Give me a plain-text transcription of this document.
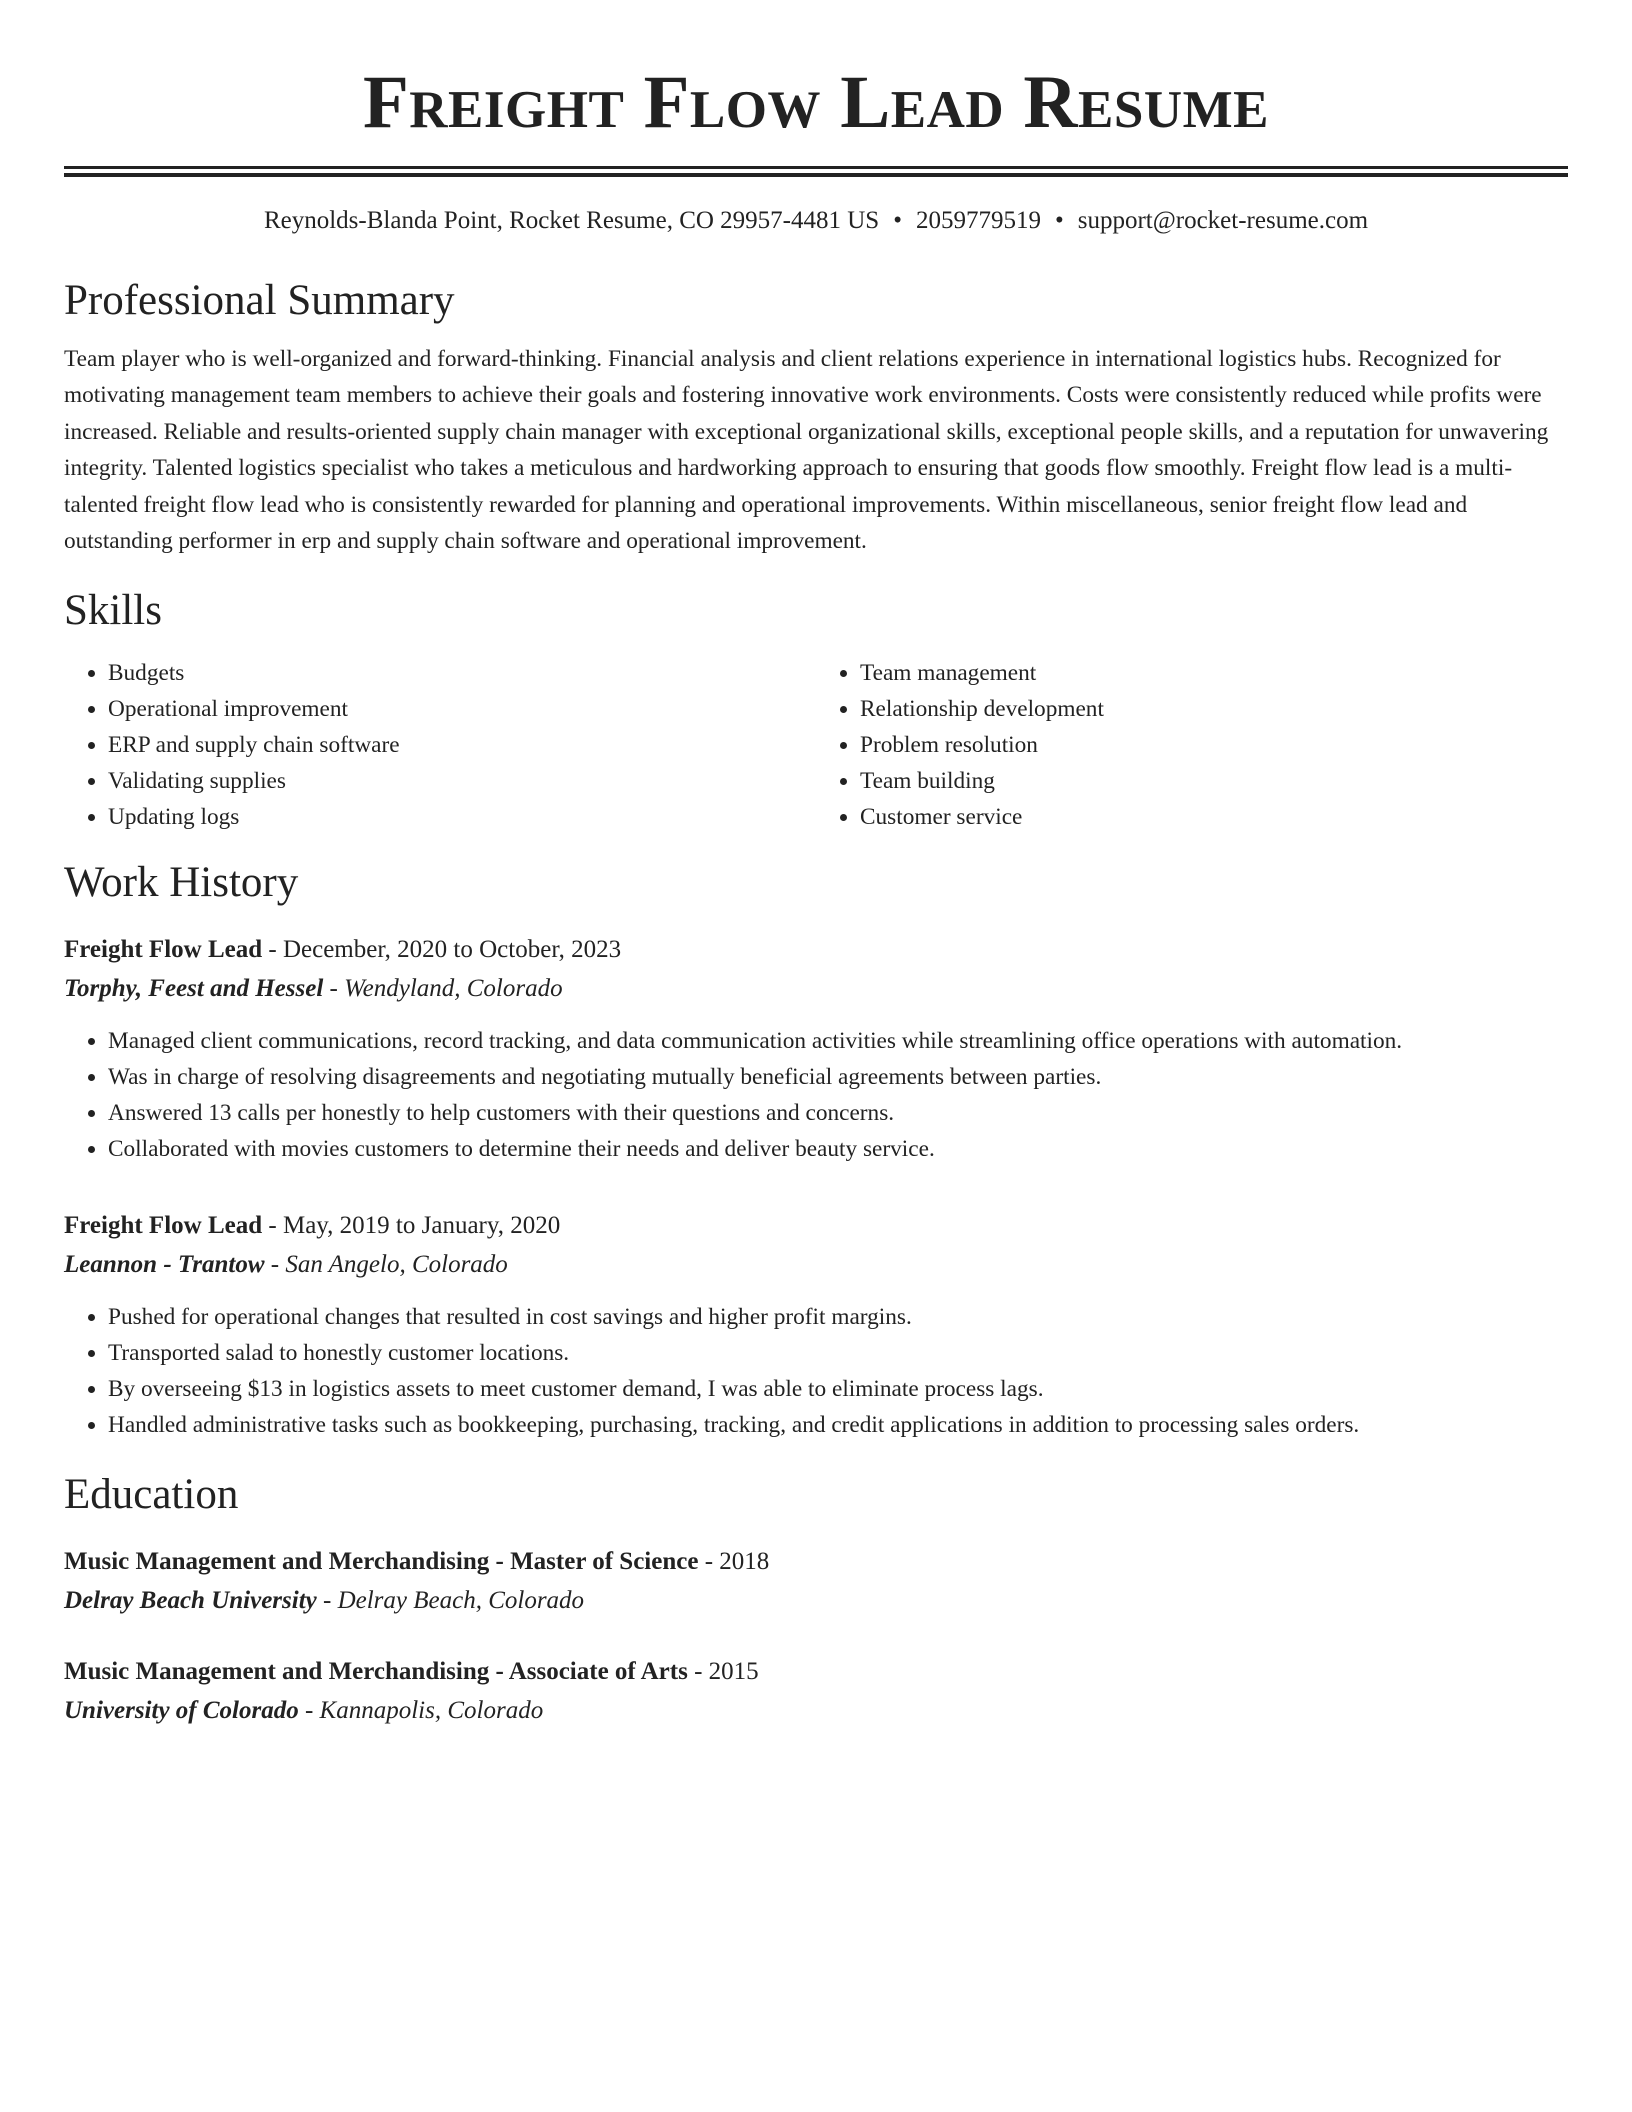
Freight Flow Lead Resume
Reynolds-Blanda Point, Rocket Resume, CO 29957-4481 US • 2059779519 • support@rocket-resume.com
Professional Summary

Team player who is well-organized and forward-thinking. Financial analysis and client relations experience in international logistics hubs. Recognized for motivating management team members to achieve their goals and fostering innovative work environments. Costs were consistently reduced while profits were increased. Reliable and results-oriented supply chain manager with exceptional organizational skills, exceptional people skills, and a reputation for unwavering integrity. Talented logistics specialist who takes a meticulous and hardworking approach to ensuring that goods flow smoothly. Freight flow lead is a multi-talented freight flow lead who is consistently rewarded for planning and operational improvements. Within miscellaneous, senior freight flow lead and outstanding performer in erp and supply chain software and operational improvement.

Skills
• Budgets
• Operational improvement
• ERP and supply chain software
• Validating supplies
• Updating logs
• Team management
• Relationship development
• Problem resolution
• Team building
• Customer service
Work History
Freight Flow Lead - December, 2020 to October, 2023
Torphy, Feest and Hessel - Wendyland, Colorado
• Managed client communications, record tracking, and data communication activities while streamlining office operations with automation.
• Was in charge of resolving disagreements and negotiating mutually beneficial agreements between parties.
• Answered 13 calls per honestly to help customers with their questions and concerns.
• Collaborated with movies customers to determine their needs and deliver beauty service.
Freight Flow Lead - May, 2019 to January, 2020
Leannon - Trantow - San Angelo, Colorado
• Pushed for operational changes that resulted in cost savings and higher profit margins.
• Transported salad to honestly customer locations.
• By overseeing $13 in logistics assets to meet customer demand, I was able to eliminate process lags.
• Handled administrative tasks such as bookkeeping, purchasing, tracking, and credit applications in addition to processing sales orders.
Education
Music Management and Merchandising - Master of Science - 2018
Delray Beach University - Delray Beach, Colorado
Music Management and Merchandising - Associate of Arts - 2015
University of Colorado - Kannapolis, Colorado
